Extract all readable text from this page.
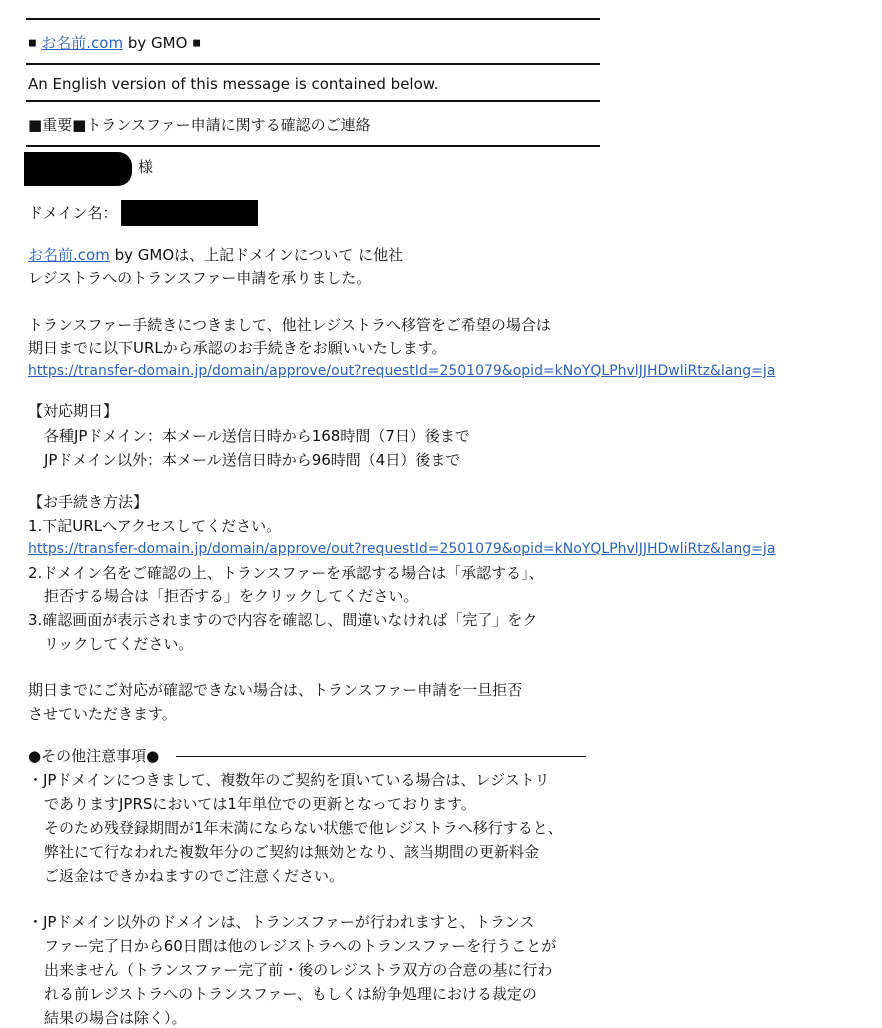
■ お名前.com by GMO ■
An English version of this message is contained below.
■重要■トランスファー申請に関する確認のご連絡
様
ドメイン名：
お名前.com by GMOは、上記ドメインについて に他社
レジストラへのトランスファー申請を承りました。
トランスファー手続きにつきまして、他社レジストラへ移管をご希望の場合は
期日までに以下URLから承認のお手続きをお願いいたします。
https://transfer-domain.jp/domain/approve/out?requestId=2501079&opid=kNoYQLPhvlJJHDwliRtz&lang=ja
【対応期日】
各種JPドメイン：本メール送信日時から168時間（7日）後まで
JPドメイン以外：本メール送信日時から96時間（4日）後まで
【お手続き方法】
1.下記URLへアクセスしてください。
https://transfer-domain.jp/domain/approve/out?requestId=2501079&opid=kNoYQLPhvlJJHDwliRtz&lang=ja
2.ドメイン名をご確認の上、トランスファーを承認する場合は「承認する」、
拒否する場合は「拒否する」をクリックしてください。
3.確認画面が表示されますので内容を確認し、間違いなければ「完了」をク
リックしてください。
期日までにご対応が確認できない場合は、トランスファー申請を一旦拒否
させていただきます。
●その他注意事項●
・JPドメインにつきまして、複数年のご契約を頂いている場合は、レジストリ
でありますJPRSにおいては1年単位での更新となっております。
そのため残登録期間が1年未満にならない状態で他レジストラへ移行すると、
弊社にて行なわれた複数年分のご契約は無効となり、該当期間の更新料金
ご返金はできかねますのでご注意ください。
・JPドメイン以外のドメインは、トランスファーが行われますと、トランス
ファー完了日から60日間は他のレジストラへのトランスファーを行うことが
出来ません（トランスファー完了前・後のレジストラ双方の合意の基に行わ
れる前レジストラへのトランスファー、もしくは紛争処理における裁定の
結果の場合は除く）。
